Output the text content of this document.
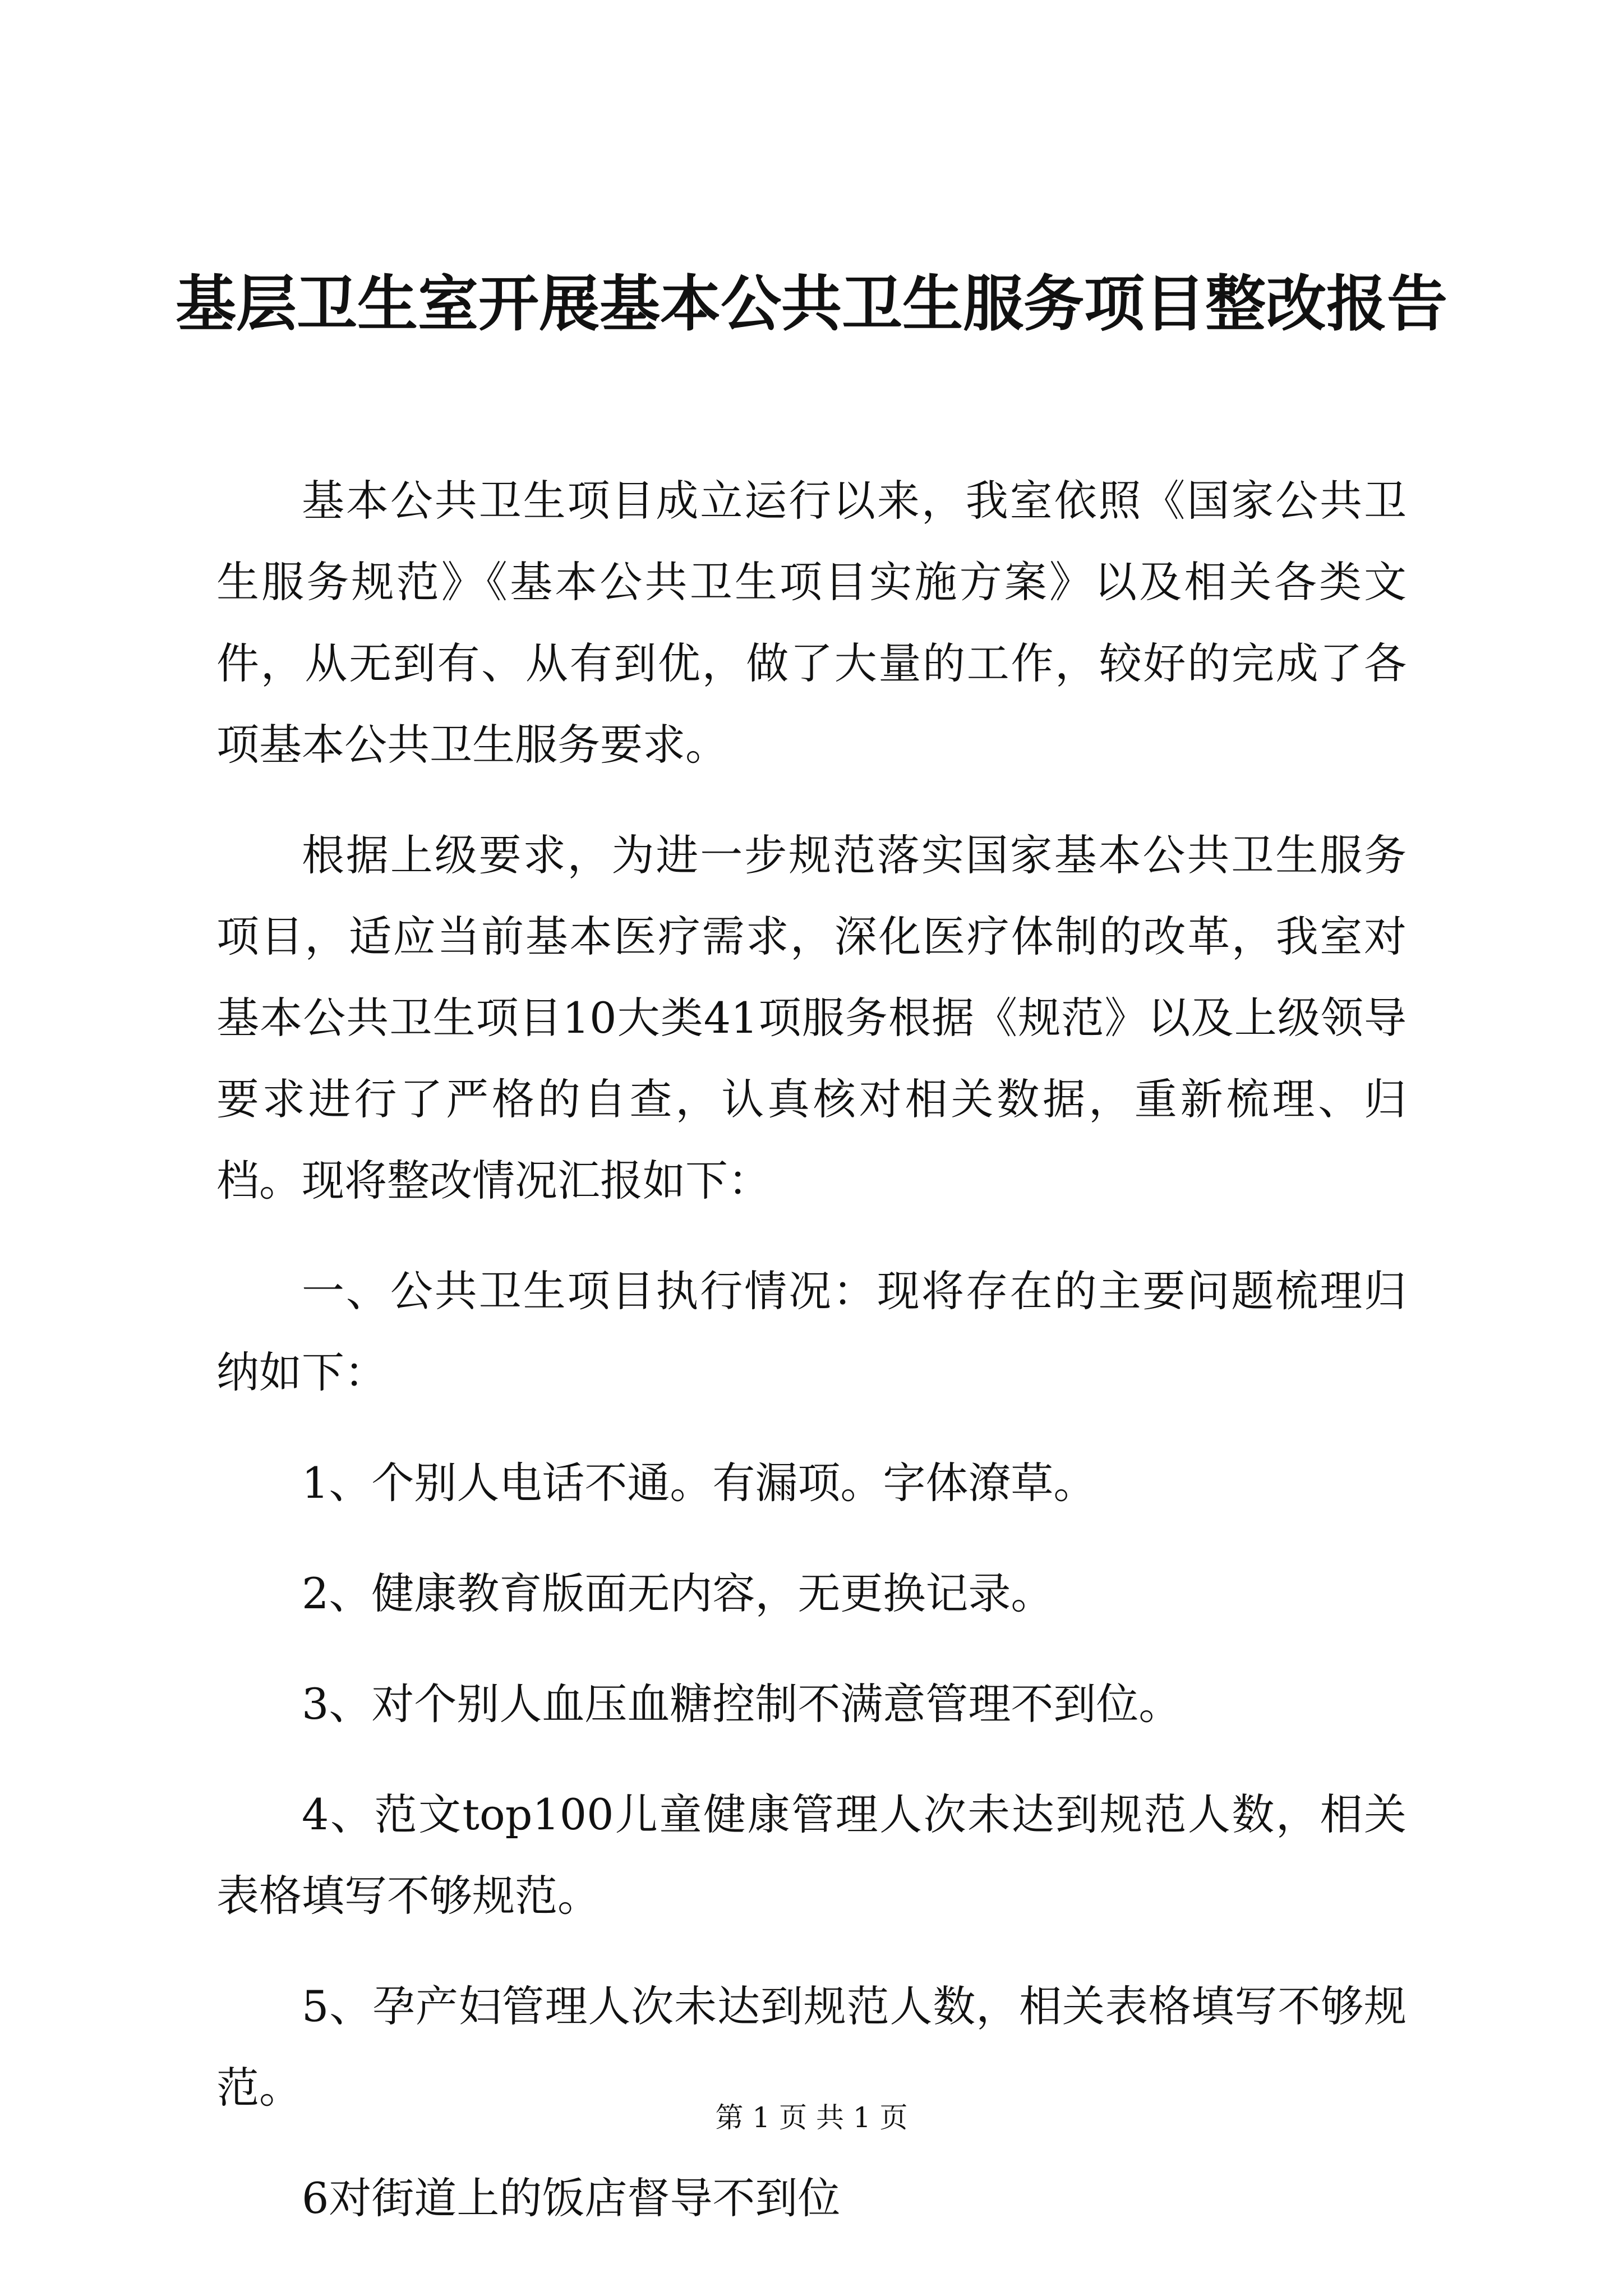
基层卫生室开展基本公共卫生服务项目整改报告

基本公共卫生项目成立运行以来，我室依照《国家公共卫生服务规范》《基本公共卫生项目实施方案》以及相关各类文件，从无到有、从有到优，做了大量的工作，较好的完成了各项基本公共卫生服务要求。

根据上级要求，为进一步规范落实国家基本公共卫生服务项目，适应当前基本医疗需求，深化医疗体制的改革，我室对基本公共卫生项目10大类41项服务根据《规范》以及上级领导要求进行了严格的自查，认真核对相关数据，重新梳理、归档。现将整改情况汇报如下：

一、公共卫生项目执行情况：现将存在的主要问题梳理归纳如下：

1、个别人电话不通。有漏项。字体潦草。

2、健康教育版面无内容，无更换记录。

3、对个别人血压血糖控制不满意管理不到位。

4、范文top100儿童健康管理人次未达到规范人数，相关表格填写不够规范。

5、孕产妇管理人次未达到规范人数，相关表格填写不够规范。

6对街道上的饭店督导不到位

第 1 页 共 1 页
